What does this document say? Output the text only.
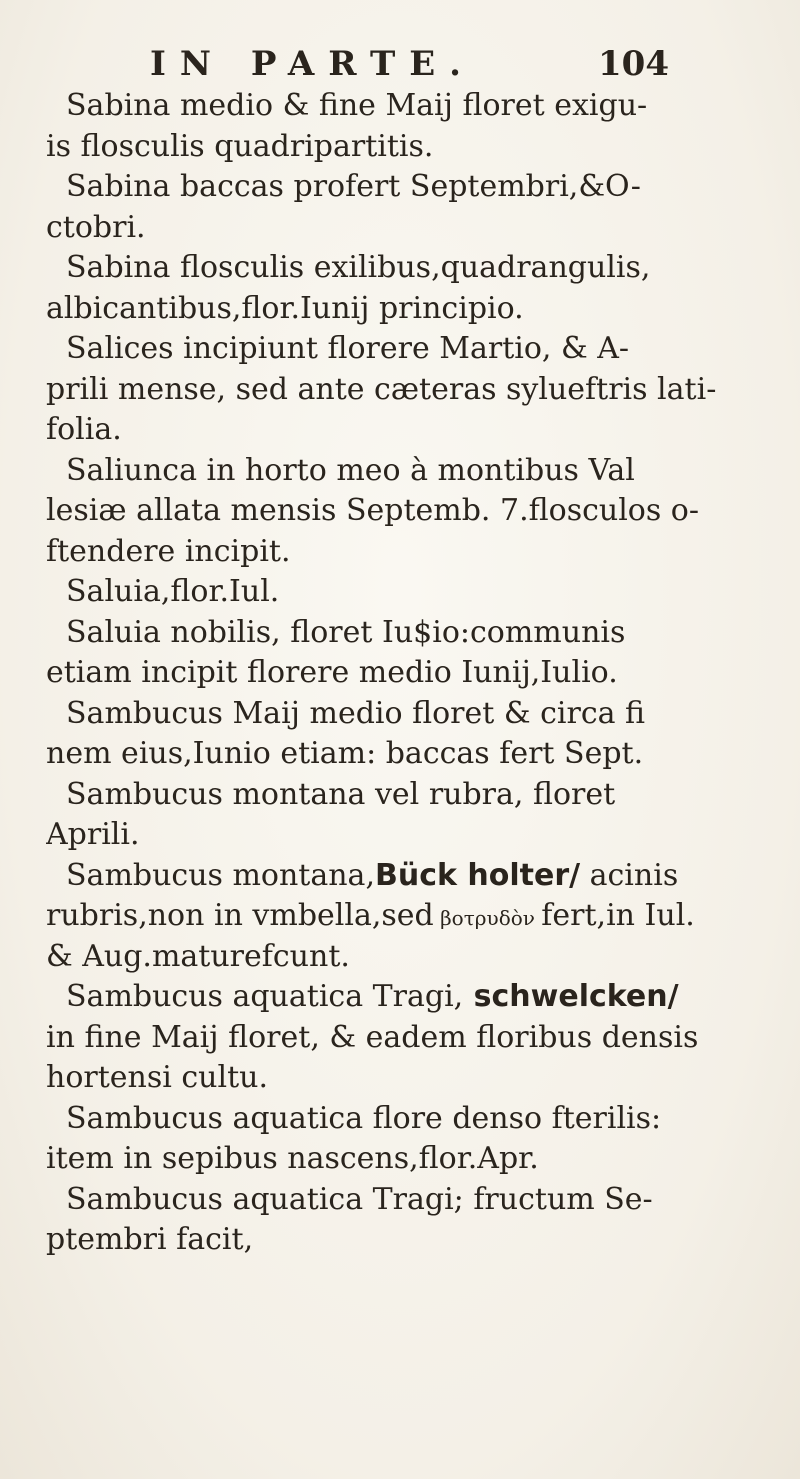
IN PARTE.	104
Sabina medio & fine Maij floret exigu-
is flosculis quadripartitis.
Sabina baccas profert Septembri,&O-
ctobri.
Sabina flosculis exilibus,quadrangulis,
albicantibus,flor.Iunij principio.
Salices incipiunt florere Martio, & A-
prili mense, sed ante cæteras sylueftris lati-
folia.
Saliunca in horto meo à montibus Val
lesiæ allata mensis Septemb. 7.flosculos o-
ftendere incipit.
Saluia,flor.Iul.
Saluia nobilis, floret Iu$io:communis
etiam incipit florere medio Iunij,Iulio.
Sambucus Maij medio floret & circa fi
nem eius,Iunio etiam: baccas fert Sept.
Sambucus montana vel rubra, floret
Aprili.
Sambucus montana,Bück holter/ acinis
rubris,non in vmbella,sed βοτρυδὸν fert,in Iul.
& Aug.maturefcunt.
Sambucus aquatica Tragi, schwelcken/
in fine Maij floret, & eadem floribus densis
hortensi cultu.
Sambucus aquatica flore denso fterilis:
item in sepibus nascens,flor.Apr.
Sambucus aquatica Tragi; fructum Se-
ptembri facit,
